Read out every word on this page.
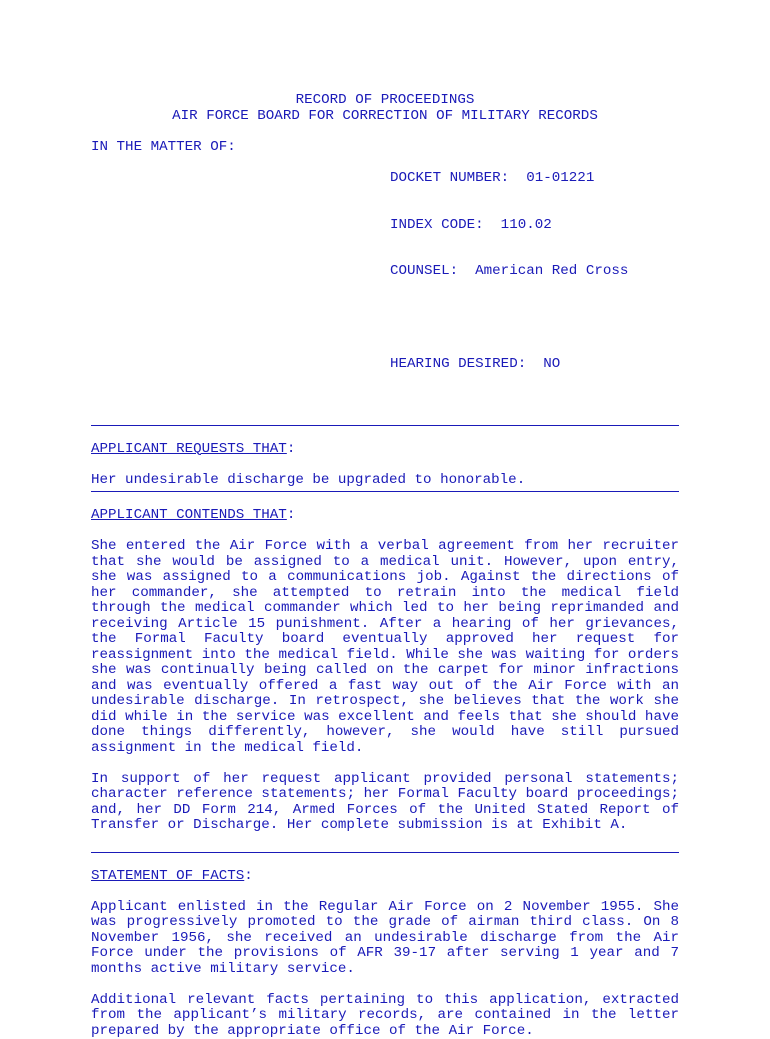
RECORD OF PROCEEDINGS
AIR FORCE BOARD FOR CORRECTION OF MILITARY RECORDS
IN THE MATTER OF:

DOCKET NUMBER:  01-01221

INDEX CODE:  110.02

COUNSEL:  American Red Cross

HEARING DESIRED:  NO

APPLICANT REQUESTS THAT:
Her undesirable discharge be upgraded to honorable.
APPLICANT CONTENDS THAT:
She entered the Air Force with a verbal agreement from her recruiter that she would be assigned to a medical unit. However, upon entry, she was assigned to a communications job. Against the directions of her commander, she attempted to retrain into the medical field through the medical commander which led to her being reprimanded and receiving Article 15 punishment. After a hearing of her grievances, the Formal Faculty board eventually approved her request for reassignment into the medical field. While she was waiting for orders she was continually being called on the carpet for minor infractions and was eventually offered a fast way out of the Air Force with an undesirable discharge. In retrospect, she believes that the work she did while in the service was excellent and feels that she should have done things differently, however, she would have still pursued assignment in the medical field.
In support of her request applicant provided personal statements; character reference statements; her Formal Faculty board proceedings; and, her DD Form 214, Armed Forces of the United Stated Report of Transfer or Discharge. Her complete submission is at Exhibit A.
STATEMENT OF FACTS:
Applicant enlisted in the Regular Air Force on 2 November 1955. She was progressively promoted to the grade of airman third class. On 8 November 1956, she received an undesirable discharge from the Air Force under the provisions of AFR 39-17 after serving 1 year and 7 months active military service.
Additional relevant facts pertaining to this application, extracted from the applicant’s military records, are contained in the letter prepared by the appropriate office of the Air Force.
